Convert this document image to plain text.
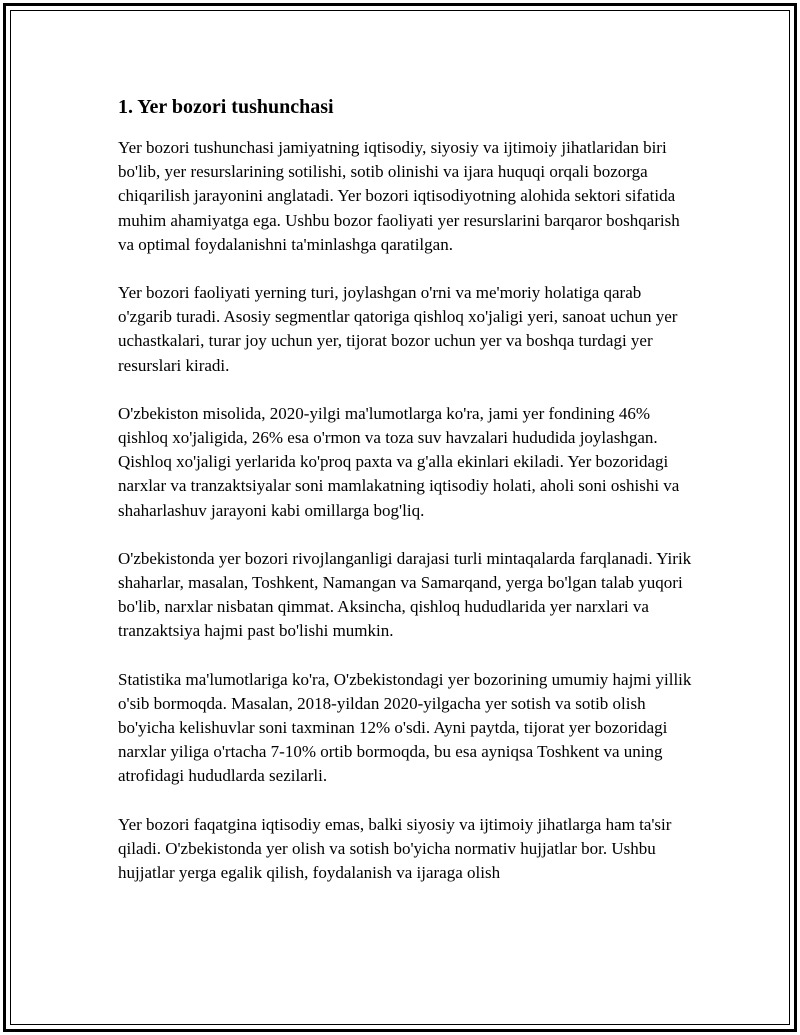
1. Yer bozori tushunchasi

Yer bozori tushunchasi jamiyatning iqtisodiy, siyosiy va ijtimoiy jihatlaridan biri bo'lib, yer resurslarining sotilishi, sotib olinishi va ijara huquqi orqali bozorga chiqarilish jarayonini anglatadi. Yer bozori iqtisodiyotning alohida sektori sifatida muhim ahamiyatga ega. Ushbu bozor faoliyati yer resurslarini barqaror boshqarish va optimal foydalanishni ta'minlashga qaratilgan.

Yer bozori faoliyati yerning turi, joylashgan o'rni va me'moriy holatiga qarab o'zgarib turadi. Asosiy segmentlar qatoriga qishloq xo'jaligi yeri, sanoat uchun yer uchastkalari, turar joy uchun yer, tijorat bozor uchun yer va boshqa turdagi yer resurslari kiradi.

O'zbekiston misolida, 2020-yilgi ma'lumotlarga ko'ra, jami yer fondining 46% qishloq xo'jaligida, 26% esa o'rmon va toza suv havzalari hududida joylashgan. Qishloq xo'jaligi yerlarida ko'proq paxta va g'alla ekinlari ekiladi. Yer bozoridagi narxlar va tranzaktsiyalar soni mamlakatning iqtisodiy holati, aholi soni oshishi va shaharlashuv jarayoni kabi omillarga bog'liq.

O'zbekistonda yer bozori rivojlanganligi darajasi turli mintaqalarda farqlanadi. Yirik shaharlar, masalan, Toshkent, Namangan va Samarqand, yerga bo'lgan talab yuqori bo'lib, narxlar nisbatan qimmat. Aksincha, qishloq hududlarida yer narxlari va tranzaktsiya hajmi past bo'lishi mumkin.

Statistika ma'lumotlariga ko'ra, O'zbekistondagi yer bozorining umumiy hajmi yillik o'sib bormoqda. Masalan, 2018-yildan 2020-yilgacha yer sotish va sotib olish bo'yicha kelishuvlar soni taxminan 12% o'sdi. Ayni paytda, tijorat yer bozoridagi narxlar yiliga o'rtacha 7-10% ortib bormoqda, bu esa ayniqsa Toshkent va uning atrofidagi hududlarda sezilarli.

Yer bozori faqatgina iqtisodiy emas, balki siyosiy va ijtimoiy jihatlarga ham ta'sir qiladi. O'zbekistonda yer olish va sotish bo'yicha normativ hujjatlar bor. Ushbu hujjatlar yerga egalik qilish, foydalanish va ijaraga olish
